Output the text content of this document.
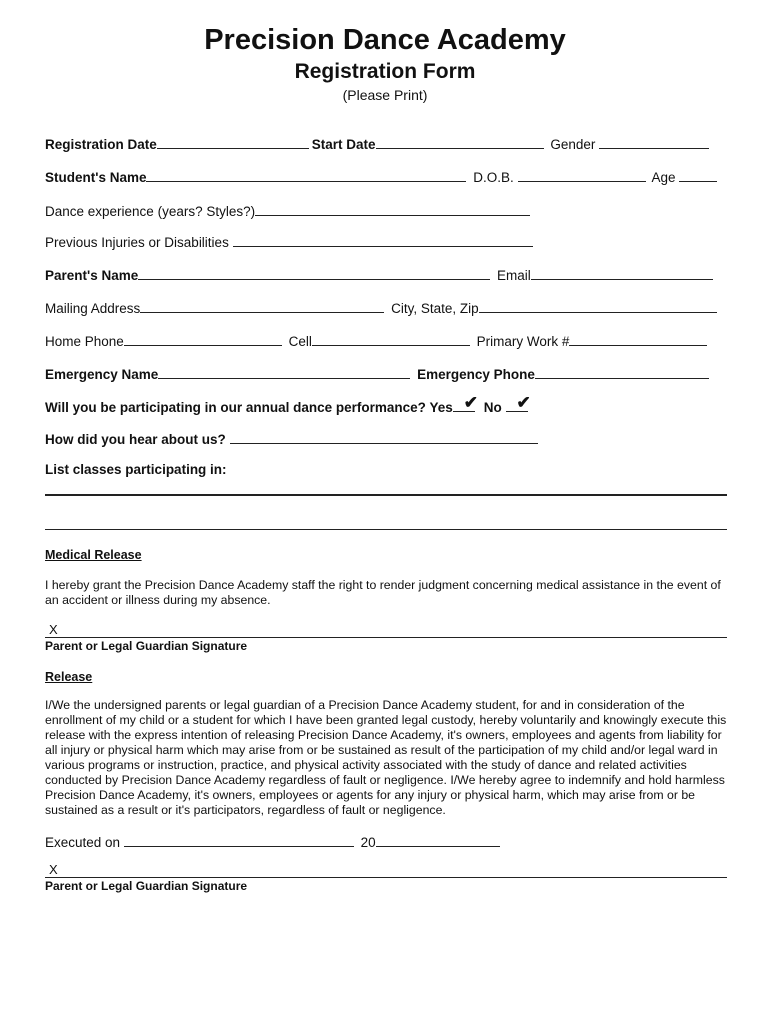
Precision Dance Academy
Registration Form
(Please Print)
Registration Date	Start Date	Gender
Student's Name	D.O.B.	Age
Dance experience (years? Styles?)
Previous Injuries or Disabilities
Parent's Name	Email
Mailing Address	City, State, Zip
Home Phone	Cell	Primary Work #
Emergency Name	Emergency Phone
Will you be participating in our annual dance performance? Yes ✔ No ✔
How did you hear about us?
List classes participating in:
Medical Release
I hereby grant the Precision Dance Academy staff the right to render judgment concerning medical assistance in the event of an accident or illness during my absence.
X
Parent or Legal Guardian Signature
Release
I/We the undersigned parents or legal guardian of a Precision Dance Academy student, for and in consideration of the enrollment of my child or a student for which I have been granted legal custody, hereby voluntarily and knowingly execute this release with the express intention of releasing Precision Dance Academy, it's owners, employees and agents from liability for all injury or physical harm which may arise from or be sustained as result of the participation of my child and/or legal ward in various programs or instruction, practice, and physical activity associated with the study of dance and related activities conducted by Precision Dance Academy regardless of fault or negligence. I/We hereby agree to indemnify and hold harmless Precision Dance Academy, it's owners, employees or agents for any injury or physical harm, which may arise from or be sustained as a result or it's participators, regardless of fault or negligence.
Executed on	20
X
Parent or Legal Guardian Signature
